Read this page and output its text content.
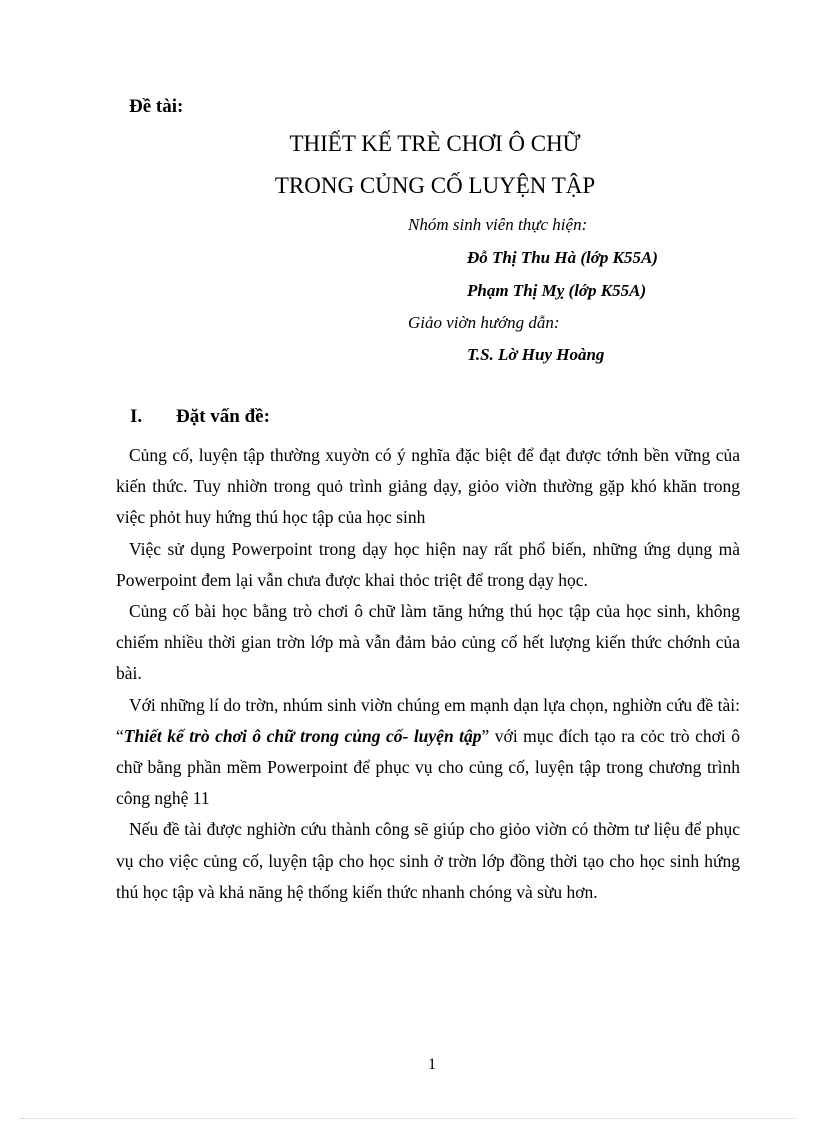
Đề tài:
THIẾT KẾ TRÈ CHƠI Ô CHỮ
TRONG CỦNG CỐ LUYỆN TẬP
Nhóm sinh viên thực hiện:
Đỗ Thị Thu Hà (lớp K55A)
Phạm Thị Mỵ (lớp K55A)
Giảo vіờn hướng dẫn:
T.S. Lờ Huy Hoàng
I. Đặt vấn đề:

Củng cố, luyện tập thường xuyờn có ý nghĩa đặc biệt để đạt được tớnh bền vững của kiến thức. Tuy nhiờn trong quỏ trình giảng dạy, giỏo viờn thường gặp khó khăn trong việc phỏt huy hứng thú học tập của học sinh

Việc sử dụng Powerpoint trong dạy học hiện nay rất phổ biến, những ứng dụng mà Powerpoint đem lại vẫn chưa được khai thỏc triệt để trong dạy học.

Củng cố bài học bằng trò chơi ô chữ làm tăng hứng thú học tập của học sinh, không chiếm nhiều thời gian trờn lớp mà vẫn đảm bảo củng cố hết lượng kiến thức chớnh của bài.

Với những lí do trờn, nhúm sinh viờn chúng em mạnh dạn lựa chọn, nghiờn cứu đề tài: “Thiết kế trò chơi ô chữ trong củng cố- luyện tập” với mục đích tạo ra cỏc trò chơi ô chữ bằng phần mềm Powerpoint để phục vụ cho củng cố, luyện tập trong chương trình công nghệ 11

Nếu đề tài được nghiờn cứu thành công sẽ giúp cho giỏo viờn có thờm tư liệu để phục vụ cho việc củng cố, luyện tập cho học sinh ở trờn lớp đồng thời tạo cho học sinh hứng thú học tập và khả năng hệ thống kiến thức nhanh chóng và sừu hơn.

1
